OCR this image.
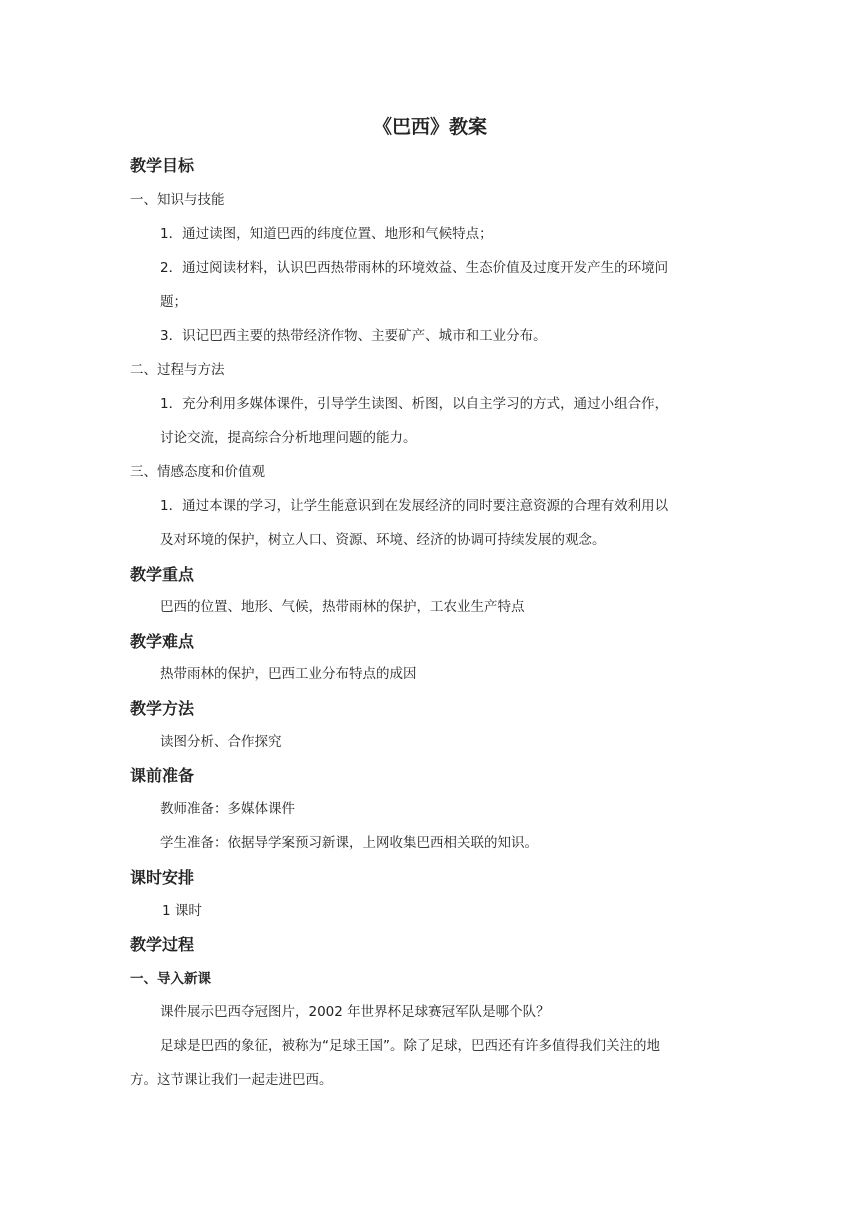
《巴西》教案
教学目标
一、知识与技能
1．通过读图，知道巴西的纬度位置、地形和气候特点；
2．通过阅读材料，认识巴西热带雨林的环境效益、生态价值及过度开发产生的环境问
题；
3．识记巴西主要的热带经济作物、主要矿产、城市和工业分布。
二、过程与方法
1．充分利用多媒体课件，引导学生读图、析图，以自主学习的方式，通过小组合作，
讨论交流，提高综合分析地理问题的能力。
三、情感态度和价值观
1．通过本课的学习，让学生能意识到在发展经济的同时要注意资源的合理有效利用以
及对环境的保护，树立人口、资源、环境、经济的协调可持续发展的观念。
教学重点
巴西的位置、地形、气候，热带雨林的保护，工农业生产特点
教学难点
热带雨林的保护，巴西工业分布特点的成因
教学方法
读图分析、合作探究
课前准备
教师准备：多媒体课件
学生准备：依据导学案预习新课，上网收集巴西相关联的知识。
课时安排
1 课时
教学过程
一、导入新课
课件展示巴西夺冠图片，2002 年世界杯足球赛冠军队是哪个队？
足球是巴西的象征，被称为“足球王国”。除了足球，巴西还有许多值得我们关注的地
方。这节课让我们一起走进巴西。
